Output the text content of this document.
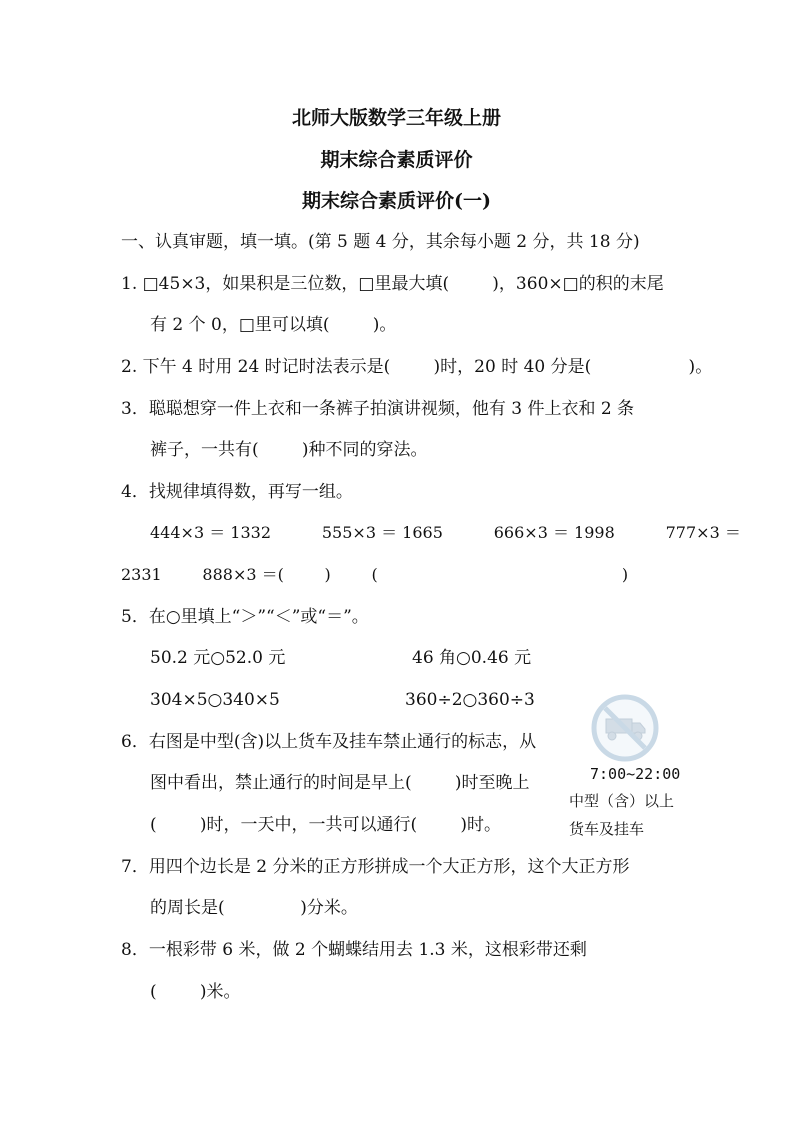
北师大版数学三年级上册
期末综合素质评价
期末综合素质评价(一)
一、认真审题，填一填。(第 5 题 4 分，其余每小题 2 分，共 18 分)
1. □45×3，如果积是三位数，□里最大填(        )，360×□的积的末尾
有 2 个 0，□里可以填(        )。
2. 下午 4 时用 24 时记时法表示是(        )时，20 时 40 分是(                  )。
3．聪聪想穿一件上衣和一条裤子拍演讲视频，他有 3 件上衣和 2 条
裤子，一共有(        )种不同的穿法。
4．找规律填得数，再写一组。
444×3 ＝ 1332          555×3 ＝ 1665          666×3 ＝ 1998          777×3 ＝
2331        888×3 ＝(        )        (                                                )
5．在○里填上“＞”“＜”或“＝”。
50.2 元○52.0 元	46 角○0.46 元
304×5○340×5	360÷2○360÷3
6．右图是中型(含)以上货车及挂车禁止通行的标志，从
图中看出，禁止通行的时间是早上(        )时至晚上
(        )时，一天中，一共可以通行(        )时。
7．用四个边长是 2 分米的正方形拼成一个大正方形，这个大正方形
的周长是(              )分米。
8．一根彩带 6 米，做 2 个蝴蝶结用去 1.3 米，这根彩带还剩
(        )米。
7:00~22:00
中型（含）以上
货车及挂车
